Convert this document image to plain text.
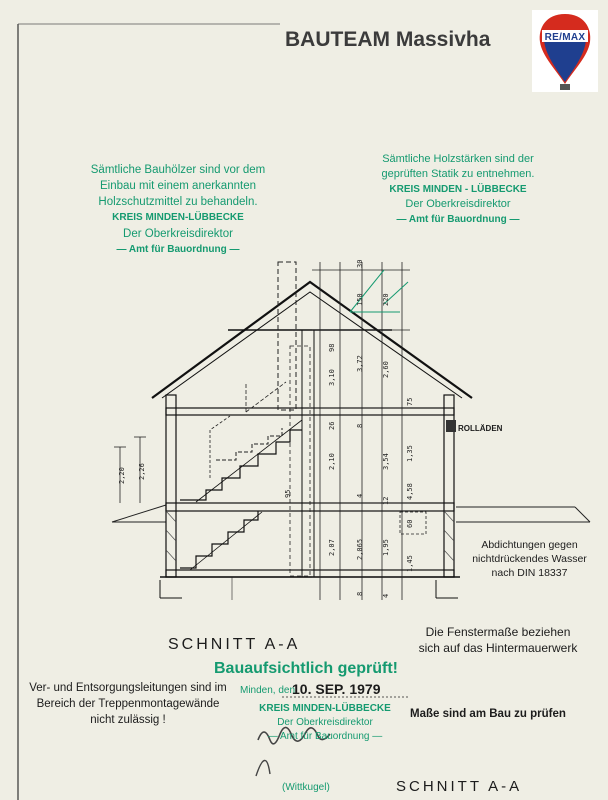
150
30
220
98
3,72
3,10	2,60
75
1,35
3,54
2,10
2,20 2,26
95
8
4
26
4,58
12
60
2,07	2,065	1,95
1,45
8	4
BAUTEAM Massivha	RE/MAX
Sämtliche Bauhölzer sind vor dem
Einbau mit einem anerkannten
Holzschutzmittel zu behandeln.
KREIS MINDEN-LÜBBECKE
Der Oberkreisdirektor
— Amt für Bauordnung —
Sämtliche Holzstärken sind der
geprüften Statik zu entnehmen.
KREIS MINDEN - LÜBBECKE
Der Oberkreisdirektor
— Amt für Bauordnung —
ROLLÄDEN
Abdichtungen gegen nichtdrückendes Wasser nach DIN 18337
SCHNITT A-A
Die Fenstermaße beziehen sich auf das Hintermauerwerk
Bauaufsichtlich geprüft!
Minden, den
10. SEP. 1979
KREIS MINDEN-LÜBBECKE
Der Oberkreisdirektor
— Amt für Bauordnung —
Ver- und Entsorgungsleitungen sind im Bereich der Treppenmontagewände nicht zulässig !	Maße sind am Bau zu prüfen
(Wittkugel)	SCHNITT A-A
